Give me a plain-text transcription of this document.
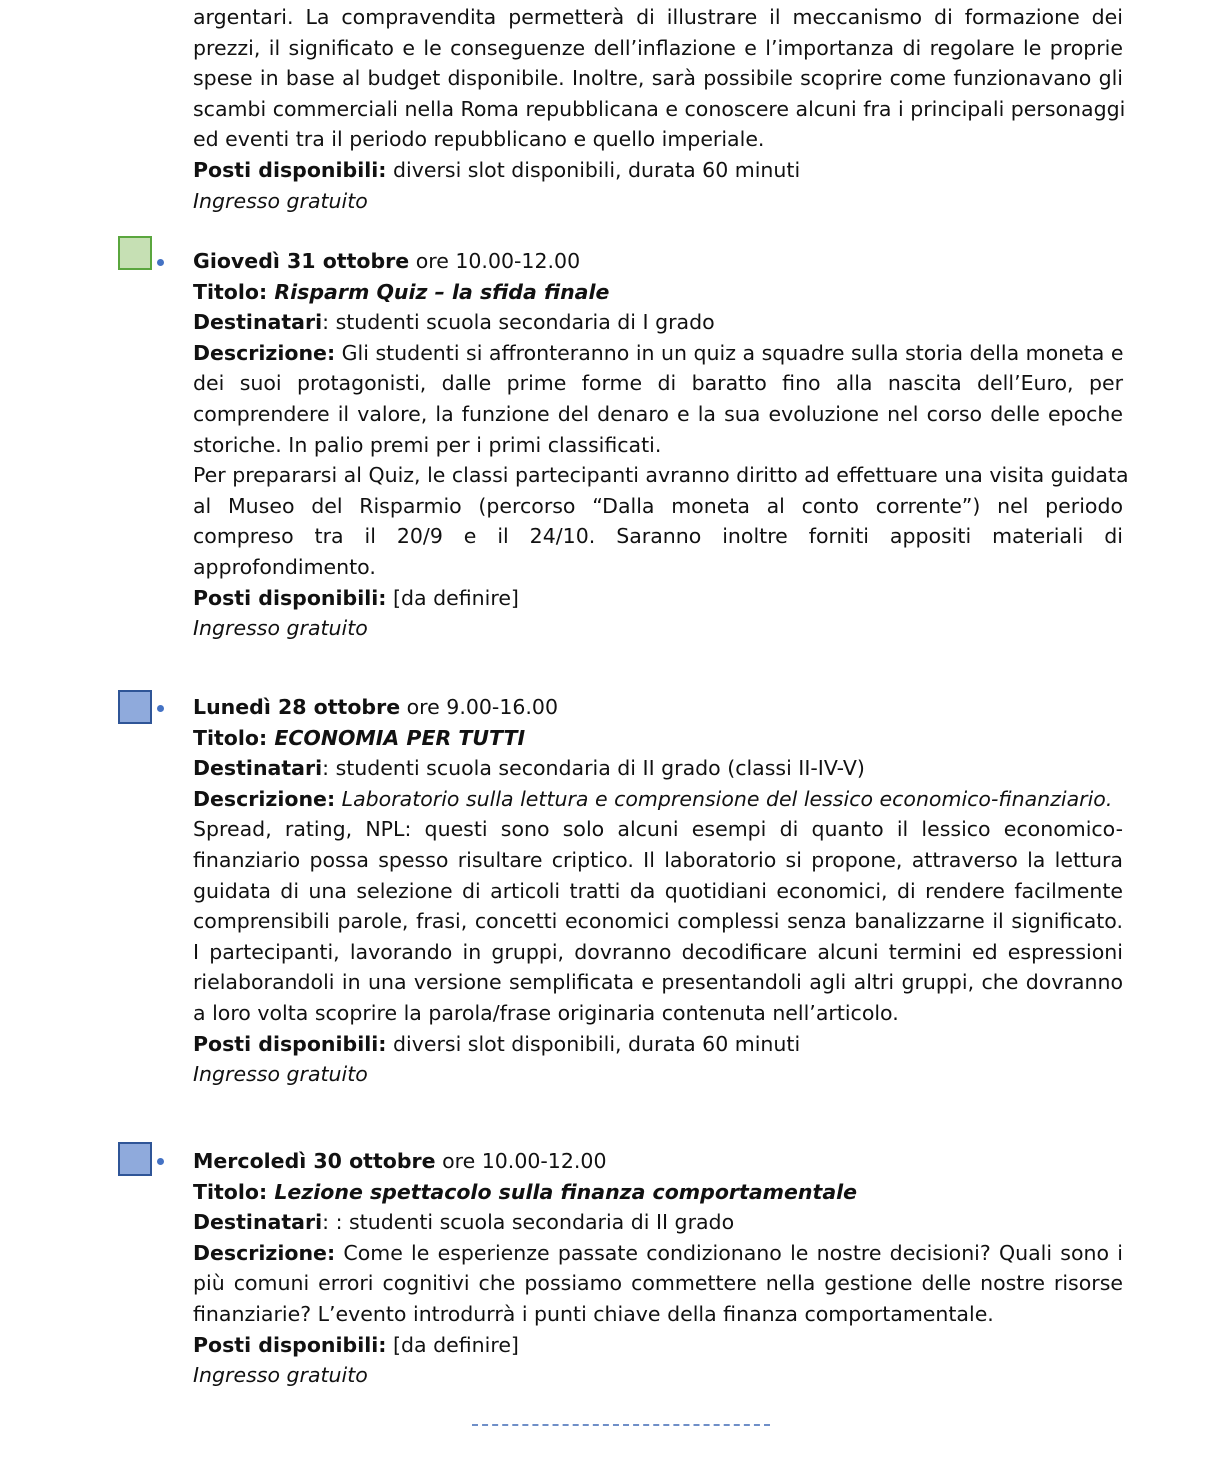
argentari. La compravendita permetterà di illustrare il meccanismo di formazione dei
prezzi, il significato e le conseguenze dell’inflazione e l’importanza di regolare le proprie
spese in base al budget disponibile. Inoltre, sarà possibile scoprire come funzionavano gli
scambi commerciali nella Roma repubblicana e conoscere alcuni fra i principali personaggi
ed eventi tra il periodo repubblicano e quello imperiale.
Posti disponibili: diversi slot disponibili, durata 60 minuti
Ingresso gratuito
Giovedì 31 ottobre ore 10.00-12.00
Titolo: Risparm Quiz – la sfida finale
Destinatari: studenti scuola secondaria di I grado
Descrizione: Gli studenti si affronteranno in un quiz a squadre sulla storia della moneta e
dei suoi protagonisti, dalle prime forme di baratto fino alla nascita dell’Euro, per
comprendere il valore, la funzione del denaro e la sua evoluzione nel corso delle epoche
storiche. In palio premi per i primi classificati.
Per prepararsi al Quiz, le classi partecipanti avranno diritto ad effettuare una visita guidata
al Museo del Risparmio (percorso “Dalla moneta al conto corrente”) nel periodo
compreso tra il 20/9 e il 24/10. Saranno inoltre forniti appositi materiali di
approfondimento.
Posti disponibili: [da definire]
Ingresso gratuito
Lunedì 28 ottobre ore 9.00-16.00
Titolo: ECONOMIA PER TUTTI
Destinatari: studenti scuola secondaria di II grado (classi II-IV-V)
Descrizione: Laboratorio sulla lettura e comprensione del lessico economico-finanziario.
Spread, rating, NPL: questi sono solo alcuni esempi di quanto il lessico economico-
finanziario possa spesso risultare criptico. Il laboratorio si propone, attraverso la lettura
guidata di una selezione di articoli tratti da quotidiani economici, di rendere facilmente
comprensibili parole, frasi, concetti economici complessi senza banalizzarne il significato.
I partecipanti, lavorando in gruppi, dovranno decodificare alcuni termini ed espressioni
rielaborandoli in una versione semplificata e presentandoli agli altri gruppi, che dovranno
a loro volta scoprire la parola/frase originaria contenuta nell’articolo.
Posti disponibili: diversi slot disponibili, durata 60 minuti
Ingresso gratuito
Mercoledì 30 ottobre ore 10.00-12.00
Titolo: Lezione spettacolo sulla finanza comportamentale
Destinatari: : studenti scuola secondaria di II grado
Descrizione: Come le esperienze passate condizionano le nostre decisioni? Quali sono i
più comuni errori cognitivi che possiamo commettere nella gestione delle nostre risorse
finanziarie? L’evento introdurrà i punti chiave della finanza comportamentale.
Posti disponibili: [da definire]
Ingresso gratuito
